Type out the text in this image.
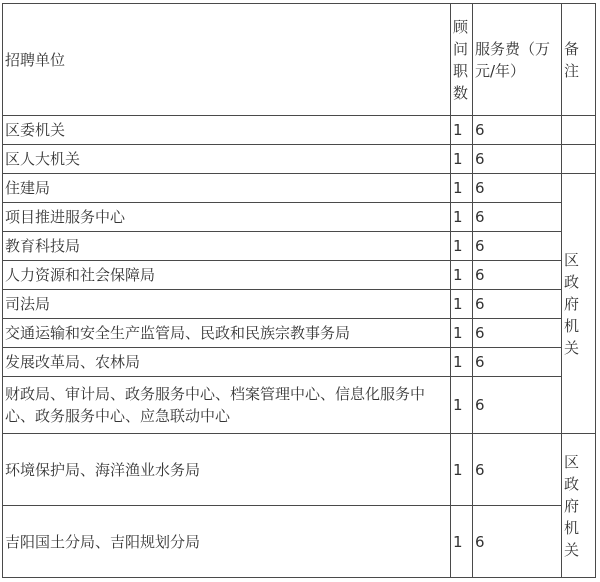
招聘单位	顾问职数	服务费（万元/年）	备注
区委机关	1	6	
区人大机关	1	6	
住建局	1	6	区政府机关
项目推进服务中心	1	6	
教育科技局	1	6	
人力资源和社会保障局	1	6	
司法局	1	6	
交通运输和安全生产监管局、民政和民族宗教事务局	1	6	
发展改革局、农林局	1	6	
财政局、审计局、政务服务中心、档案管理中心、信息化服务中心、政务服务中心、应急联动中心	1	6	
环境保护局、海洋渔业水务局	1	6	区政府机关
吉阳国土分局、吉阳规划分局	1	6	
